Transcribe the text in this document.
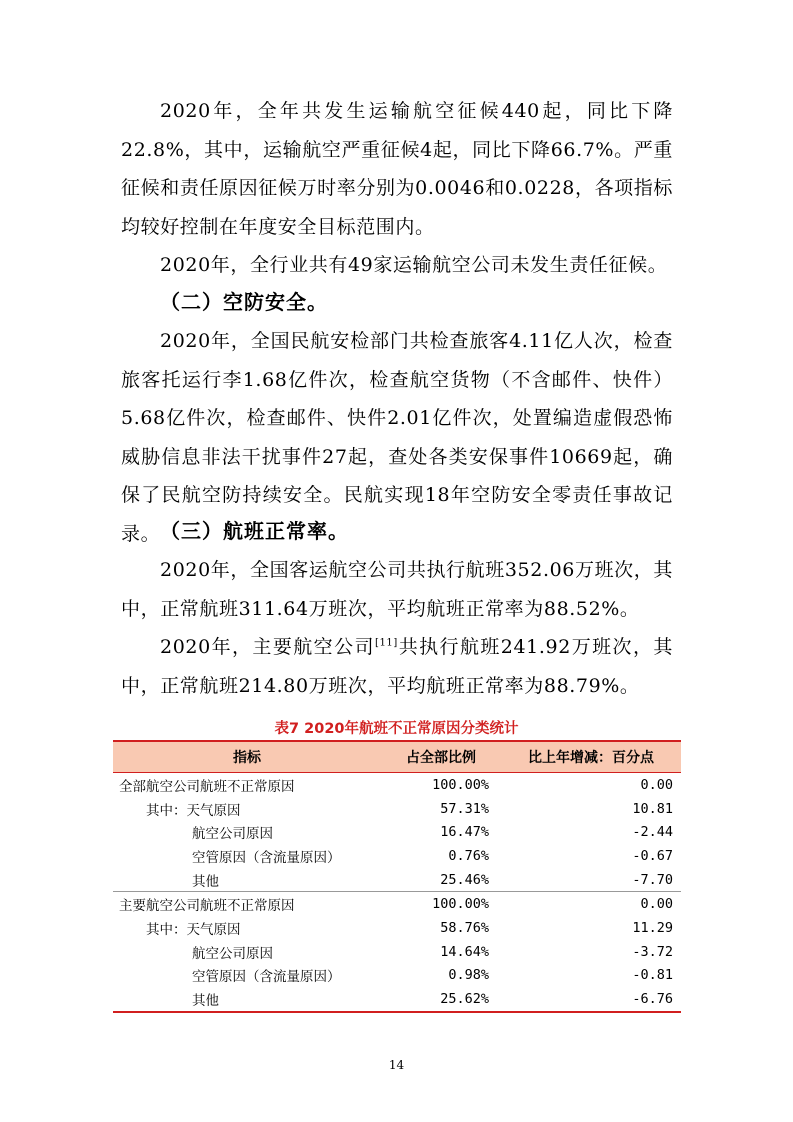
2020年，全年共发生运输航空征候440起，同比下降22.8%，其中，运输航空严重征候4起，同比下降66.7%。严重征候和责任原因征候万时率分别为0.0046和0.0228，各项指标均较好控制在年度安全目标范围内。

2020年，全行业共有49家运输航空公司未发生责任征候。

（二）空防安全。

2020年，全国民航安检部门共检查旅客4.11亿人次，检查旅客托运行李1.68亿件次，检查航空货物（不含邮件、快件）5.68亿件次，检查邮件、快件2.01亿件次，处置编造虚假恐怖威胁信息非法干扰事件27起，查处各类安保事件10669起，确保了民航空防持续安全。民航实现18年空防安全零责任事故记录。 （三）航班正常率。

2020年，全国客运航空公司共执行航班352.06万班次，其中，正常航班311.64万班次，平均航班正常率为88.52%。

2020年，主要航空公司[11]共执行航班241.92万班次，其中，正常航班214.80万班次，平均航班正常率为88.79%。

表7 2020年航班不正常原因分类统计

指标	占全部比例	比上年增减：百分点
全部航空公司航班不正常原因	100.00%	0.00
其中：天气原因	57.31%	10.81
航空公司原因	16.47%	-2.44
空管原因（含流量原因）	0.76%	-0.67
其他	25.46%	-7.70
主要航空公司航班不正常原因	100.00%	0.00
其中：天气原因	58.76%	11.29
航空公司原因	14.64%	-3.72
空管原因（含流量原因）	0.98%	-0.81
其他	25.62%	-6.76

14
